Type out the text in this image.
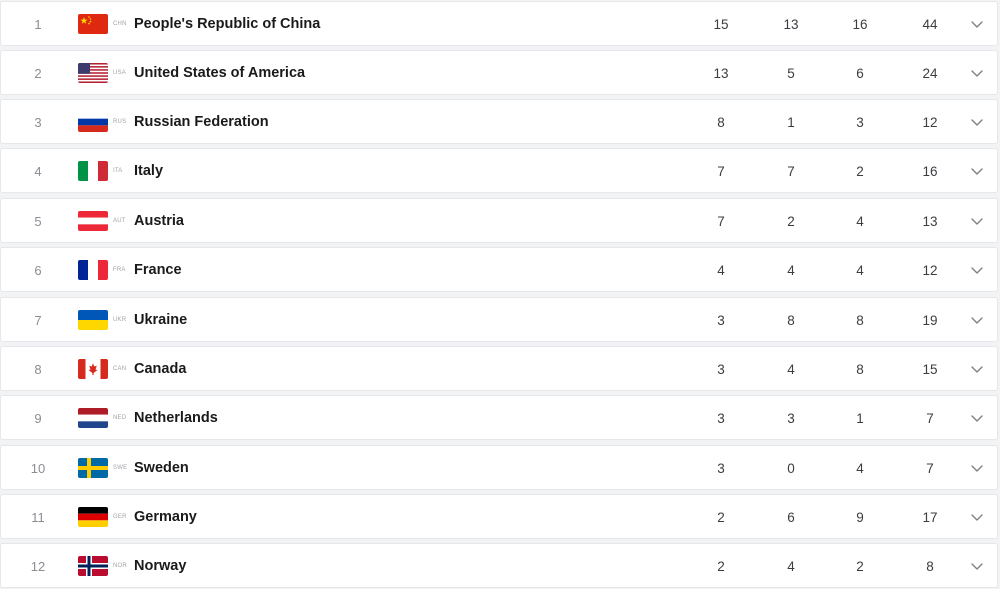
1	CHN People's Republic of China	15	13	16	44
2	USA United States of America	13	5	6	24
3	RUS Russian Federation	8	1	3	12
4	ITA Italy	7	7	2	16
5	AUT Austria	7	2	4	13
6	FRA France	4	4	4	12
7	UKR Ukraine	3	8	8	19
8	CAN Canada	3	4	8	15
9	NED Netherlands	3	3	1	7
10	SWE Sweden	3	0	4	7
11	GER Germany	2	6	9	17
12	NOR Norway	2	4	2	8
